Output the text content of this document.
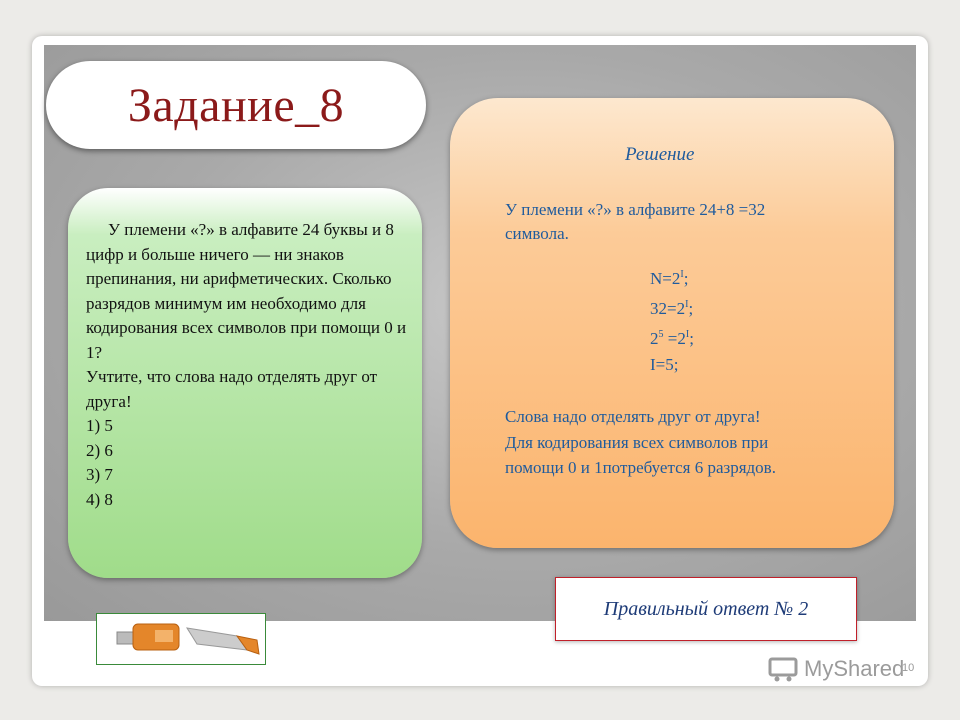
Задание_8

У племени «?» в алфавите 24 буквы и 8 цифр и больше ничего — ни знаков препинания, ни арифметических. Сколько разрядов минимум им необходимо для кодирования всех символов при помощи 0 и 1?

Учтите, что слова надо отделять друг от друга!

1) 5
2) 6
3) 7
4) 8
Решение
У племени «?» в алфавите 24+8 =32
символа.
$N=2^I$;
$32=2^I$;
$2^5 =2^I$;
I=5;
Слова надо отделять друг от друга!
Для кодирования всех символов при
помощи 0 и 1потребуется 6 разрядов.
Правильный ответ № 2
MyShared
10
